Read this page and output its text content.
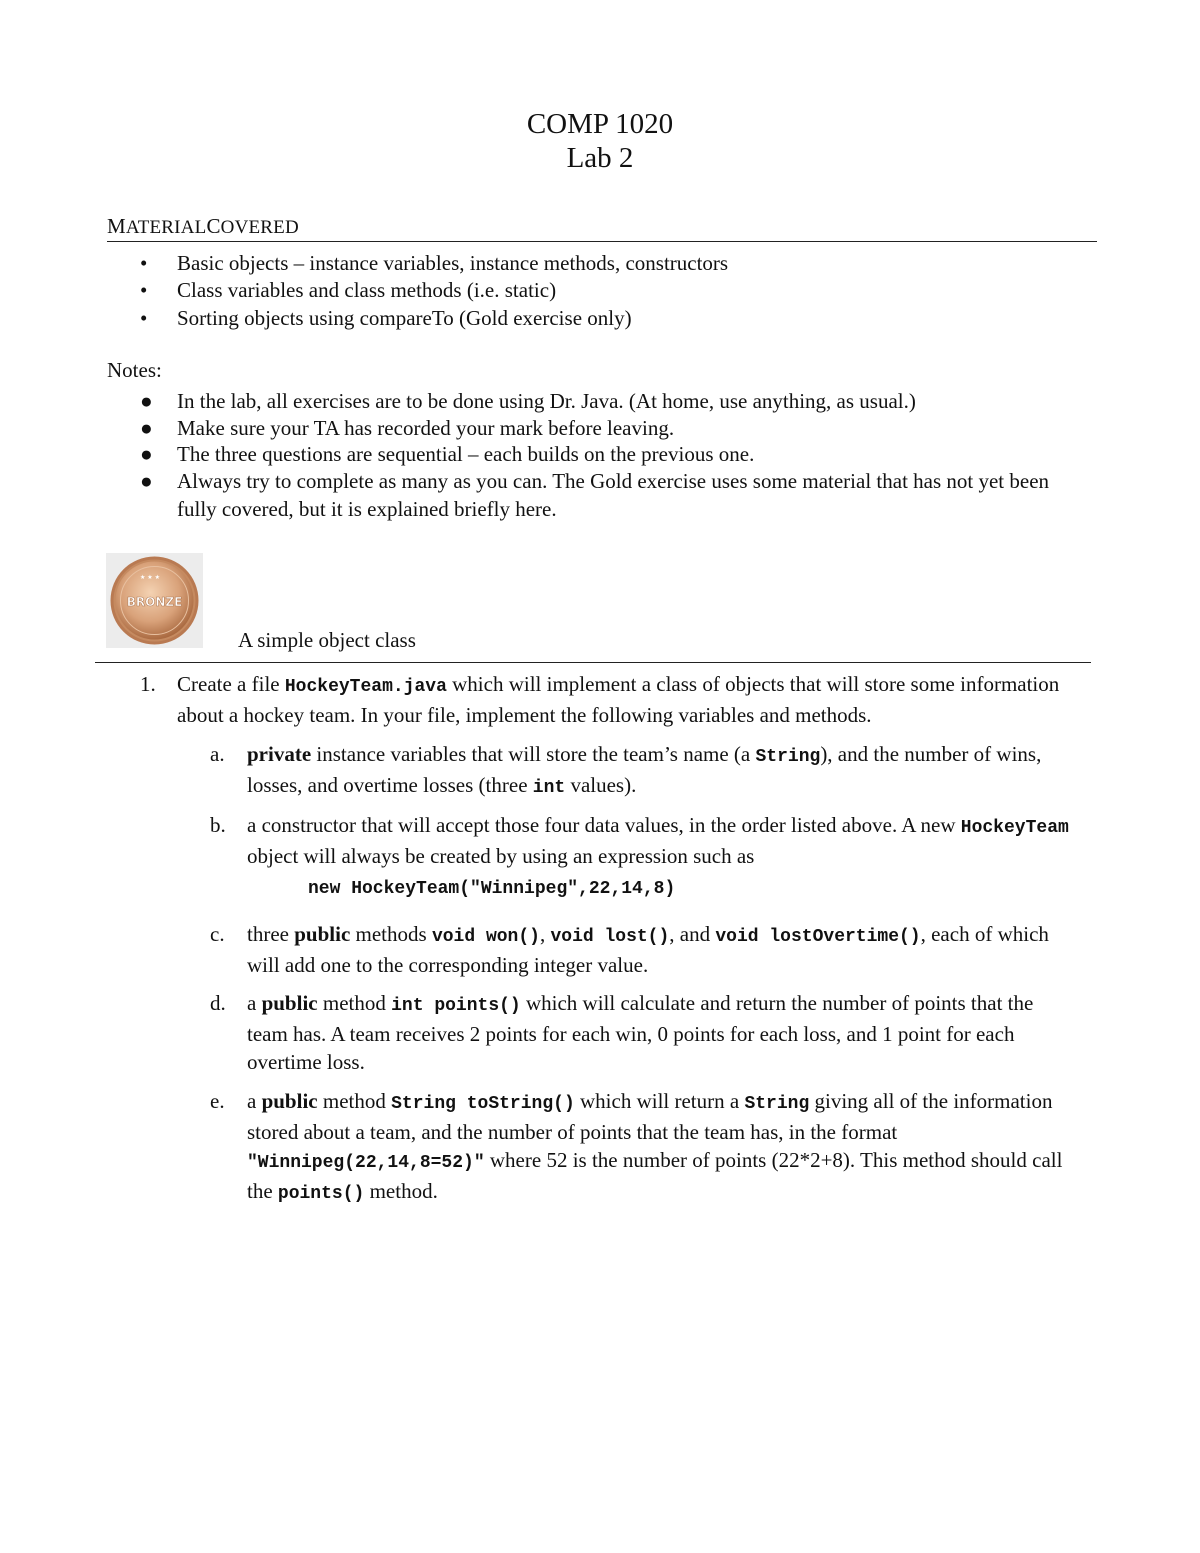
COMP 1020
Lab 2
MATERIALCOVERED
•	Basic objects – instance variables, instance methods, constructors
•	Class variables and class methods (i.e. static)
•	Sorting objects using compareTo (Gold exercise only)
Notes:
●	In the lab, all exercises are to be done using Dr. Java. (At home, use anything, as usual.)
●	Make sure your TA has recorded your mark before leaving.
●	The three questions are sequential – each builds on the previous one.
●	Always try to complete as many as you can. The Gold exercise uses some material that has not yet been fully covered, but it is explained briefly here.
★ ★ ★
BRONZE
A simple object class
1. Create a file HockeyTeam.java which will implement a class of objects that will store some information about a hockey team. In your file, implement the following variables and methods.
a.	private instance variables that will store the team’s name (a String), and the number of wins, losses, and overtime losses (three int values).
b.	a constructor that will accept those four data values, in the order listed above. A new HockeyTeam object will always be created by using an expression such as
new HockeyTeam("Winnipeg",22,14,8)
c.	three public methods void won(), void lost(), and void lostOvertime(), each of which will add one to the corresponding integer value.
d.	a public method int points() which will calculate and return the number of points that the team has. A team receives 2 points for each win, 0 points for each loss, and 1 point for each overtime loss.
e.	a public method String toString() which will return a String giving all of the information stored about a team, and the number of points that the team has, in the format "Winnipeg(22,14,8=52)" where 52 is the number of points (22*2+8). This method should call the points() method.
